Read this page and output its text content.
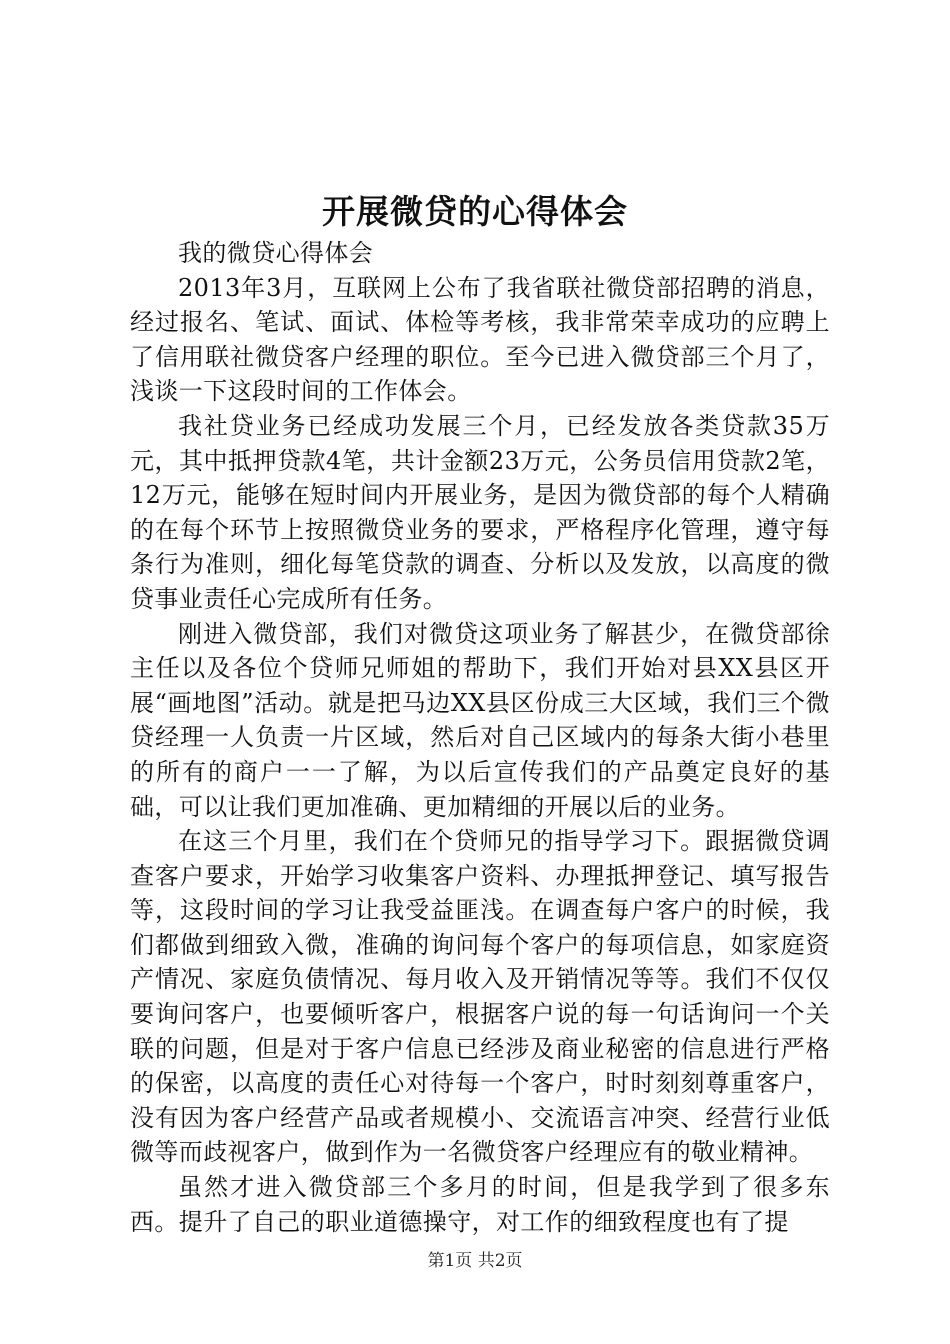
开展微贷的心得体会

我的微贷心得体会

2013年3月，互联网上公布了我省联社微贷部招聘的消息，经过报名、笔试、面试、体检等考核，我非常荣幸成功的应聘上了信用联社微贷客户经理的职位。至今已进入微贷部三个月了，浅谈一下这段时间的工作体会。

我社贷业务已经成功发展三个月，已经发放各类贷款35万元，其中抵押贷款4笔，共计金额23万元，公务员信用贷款2笔，12万元，能够在短时间内开展业务，是因为微贷部的每个人精确的在每个环节上按照微贷业务的要求，严格程序化管理，遵守每条行为准则，细化每笔贷款的调查、分析以及发放，以高度的微贷事业责任心完成所有任务。

刚进入微贷部，我们对微贷这项业务了解甚少，在微贷部徐主任以及各位个贷师兄师姐的帮助下，我们开始对县XX县区开展“画地图”活动。就是把马边XX县区份成三大区域，我们三个微贷经理一人负责一片区域，然后对自己区域内的每条大街小巷里的所有的商户一一了解，为以后宣传我们的产品奠定良好的基础，可以让我们更加准确、更加精细的开展以后的业务。

在这三个月里，我们在个贷师兄的指导学习下。跟据微贷调查客户要求，开始学习收集客户资料、办理抵押登记、填写报告等，这段时间的学习让我受益匪浅。在调查每户客户的时候，我们都做到细致入微，准确的询问每个客户的每项信息，如家庭资产情况、家庭负债情况、每月收入及开销情况等等。我们不仅仅要询问客户，也要倾听客户，根据客户说的每一句话询问一个关联的问题，但是对于客户信息已经涉及商业秘密的信息进行严格的保密，以高度的责任心对待每一个客户，时时刻刻尊重客户，没有因为客户经营产品或者规模小、交流语言冲突、经营行业低微等而歧视客户，做到作为一名微贷客户经理应有的敬业精神。

虽然才进入微贷部三个多月的时间，但是我学到了很多东西。提升了自己的职业道德操守，对工作的细致程度也有了提

第1页 共2页
